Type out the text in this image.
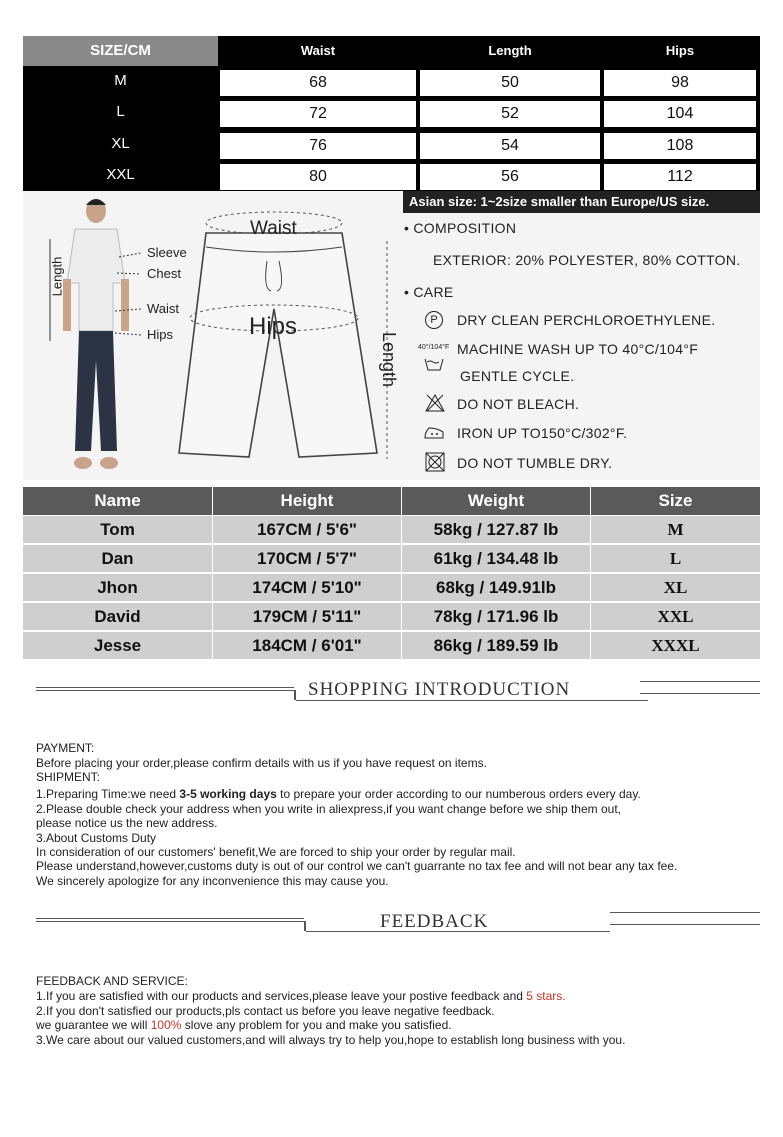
SIZE/CM	Waist	Length	Hips
M	68	50	98
L	72	52	104
XL	76	54	108
XXL	80	56	112
Asian size: 1~2size smaller than Europe/US size.
Length
Sleeve
Chest
Waist
Hips
Waist
Hips
Length
• COMPOSITION
EXTERIOR: 20% POLYESTER, 80% COTTON.
• CARE
P	DRY CLEAN PERCHLOROETHYLENE.
40°/104°F MACHINE WASH UP TO 40°C/104°F
GENTLE CYCLE.
DO NOT BLEACH.
IRON UP TO150°C/302°F.
DO NOT TUMBLE DRY.
Name	Height	Weight	Size
Tom	167CM / 5'6"	58kg / 127.87 lb	M
Dan	170CM / 5'7"	61kg / 134.48 lb	L
Jhon	174CM / 5'10"	68kg / 149.91lb	XL
David	179CM / 5'11"	78kg / 171.96 lb	XXL
Jesse	184CM / 6'01"	86kg / 189.59 lb	XXXL
SHOPPING INTRODUCTION
PAYMENT:
Before placing your order,please confirm details with us if you have request on items.
SHIPMENT:
1.Preparing Time:we need 3-5 working days to prepare your order according to our numberous orders every day.
2.Please double check your address when you write in aliexpress,if you want change before we ship them out,
please notice us the new address.
3.About Customs Duty
In consideration of our customers' benefit,We are forced to ship your order by regular mail.
Please understand,however,customs duty is out of our control we can't guarrante no tax fee and will not bear any tax fee.
We sincerely apologize for any inconvenience this may cause you.
FEEDBACK
FEEDBACK AND SERVICE:
1.If you are satisfied with our products and services,please leave your postive feedback and 5 stars.
2.If you don't satisfied our products,pls contact us before you leave negative feedback.
we guarantee we will 100% slove any problem for you and make you satisfied.
3.We care about our valued customers,and will always try to help you,hope to establish long business with you.
